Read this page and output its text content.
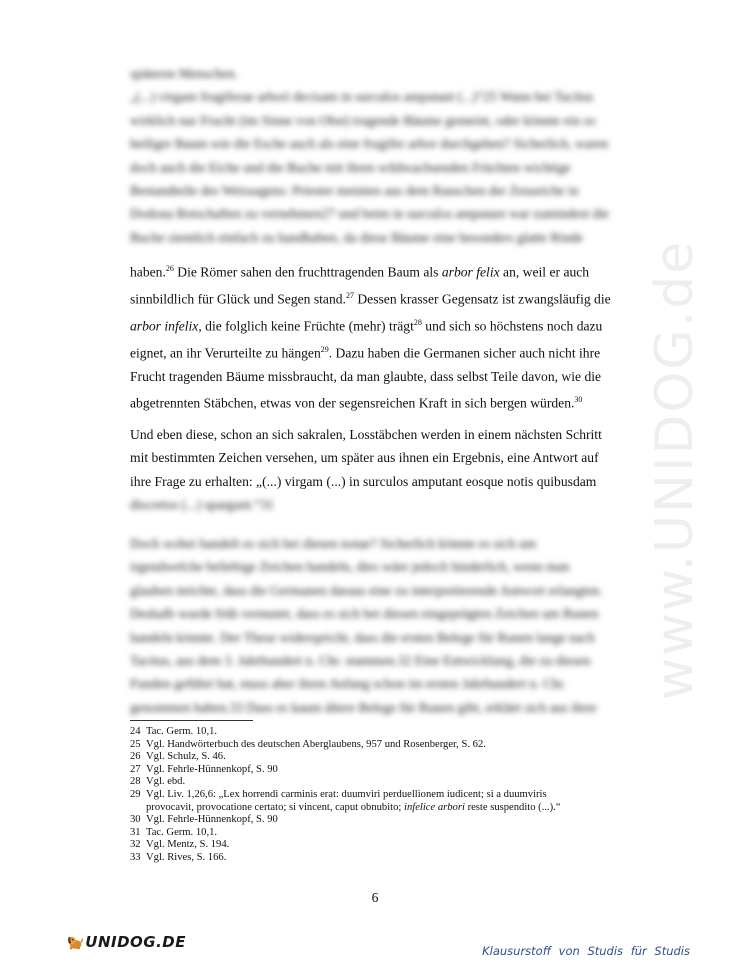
www.UNIDOG.de
späteren Menschen.
„(...) virgam frugiferae arbori decisam in surculos amputant (...)“25 Wann bei Tacitus
wirklich nur Frucht (im Sinne von Obst) tragende Bäume gemeint, oder könnte ein so
heiliger Baum wie die Esche auch als eine frugifer arbor durchgehen? Sicherlich, waren
doch auch die Eiche und die Buche mit ihren wildwachsenden Früchten wichtige
Bestandteile des Weissagens: Priester meinten aus dem Rauschen der Zeuseiche in
Dodona Botschaften zu vernehmen27 und beim in surculos amputare war zumindest die
Buche ziemlich einfach zu handhaben, da diese Bäume eine besonders glatte Rinde
haben.$^{26}$ Die Römer sahen den fruchttragenden Baum als arbor felix an, weil er auch
sinnbildlich für Glück und Segen stand.$^{27}$ Dessen krasser Gegensatz ist zwangsläufig die
arbor infelix, die folglich keine Früchte (mehr) trägt$^{28}$ und sich so höchstens noch dazu
eignet, an ihr Verurteilte zu hängen$^{29}$. Dazu haben die Germanen sicher auch nicht ihre
Frucht tragenden Bäume missbraucht, da man glaubte, dass selbst Teile davon, wie die
abgetrennten Stäbchen, etwas von der segensreichen Kraft in sich bergen würden.$^{30}$
Und eben diese, schon an sich sakralen, Losstäbchen werden in einem nächsten Schritt
mit bestimmten Zeichen versehen, um später aus ihnen ein Ergebnis, eine Antwort auf
ihre Frage zu erhalten: „(...) virgam (...) in surculos amputant eosque notis quibusdam
discretos (...) spargunt.“31
Doch wobei handelt es sich bei diesen notae? Sicherlich könnte es sich um
irgendwelche beliebige Zeichen handeln, dies wäre jedoch hinderlich, wenn man
glauben möchte, dass die Germanen daraus eine zu interpretierende Antwort erlangten.
Deshalb wurde früh vermutet, dass es sich bei diesen eingeprägten Zeichen um Runen
handeln könnte. Der These widerspricht, dass die ersten Belege für Runen lange nach
Tacitus, aus dem 3. Jahrhundert n. Chr. stammen.32 Eine Entwicklung, die zu diesen
Funden geführt hat, muss aber ihren Anfang schon im ersten Jahrhundert n. Chr.
genommen haben.33 Dass es kaum ältere Belege für Runen gibt, erklärt sich aus ihrer
24 Tac. Germ. 10,1.
25 Vgl. Handwörterbuch des deutschen Aberglaubens, 957 und Rosenberger, S. 62.
26 Vgl. Schulz, S. 46.
27 Vgl. Fehrle-Hünnenkopf, S. 90
28 Vgl. ebd.
29 Vgl. Liv. 1,26,6: „Lex horrendi carminis erat: duumviri perduellionem iudicent; si a duumviris
provocavit, provocatione certato; si vincent, caput obnubito; infelice arbori reste suspendito (...).“
30 Vgl. Fehrle-Hünnenkopf, S. 90
31 Tac. Germ. 10,1.
32 Vgl. Mentz, S. 194.
33 Vgl. Rives, S. 166.
6
UNIDOG.DE	Klausurstoff von Studis für Studis
